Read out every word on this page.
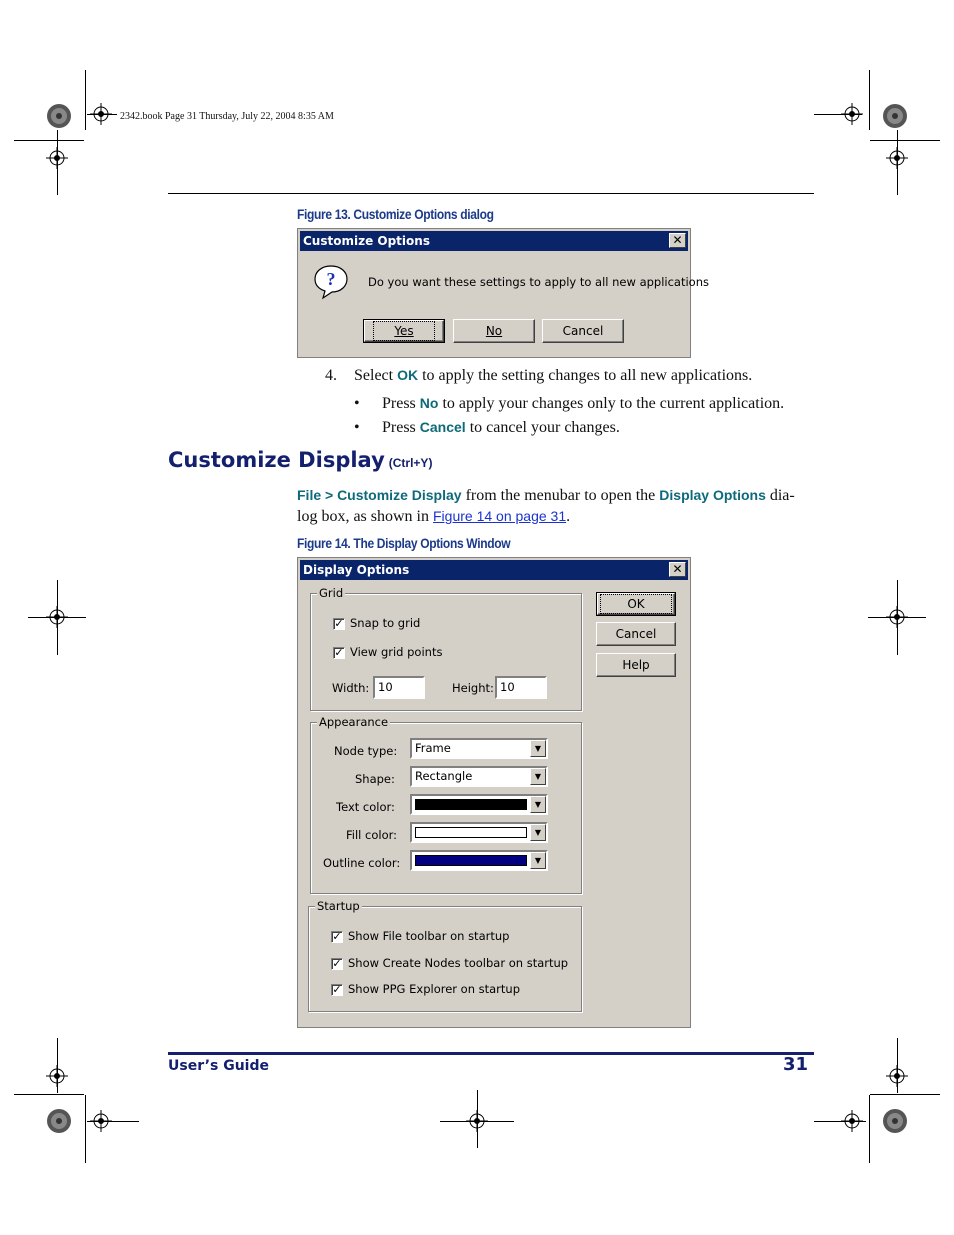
2342.book Page 31 Thursday, July 22, 2004 8:35 AM
Figure 13. Customize Options dialog
Customize Options	✕
?	Do you want these settings to apply to all new applications
Yes	No	Cancel
4. Select OK to apply the setting changes to all new applications.
• Press No to apply your changes only to the current application.
• Press Cancel to cancel your changes.
Customize Display (Ctrl+Y)
File > Customize Display from the menubar to open the Display Options dia-
log box, as shown in Figure 14 on page 31.
Figure 14. The Display Options Window
Display Options	✕
OK
Cancel
Help
Grid
✓ Snap to grid
✓ View grid points
Width: 10	Height: 10
Appearance
Node type:	Frame	▼
Shape:	Rectangle	▼
Text color:	▼
Fill color:	▼
Outline color:	▼
Startup
✓ Show File toolbar on startup
✓ Show Create Nodes toolbar on startup
✓ Show PPG Explorer on startup
User’s Guide	31
